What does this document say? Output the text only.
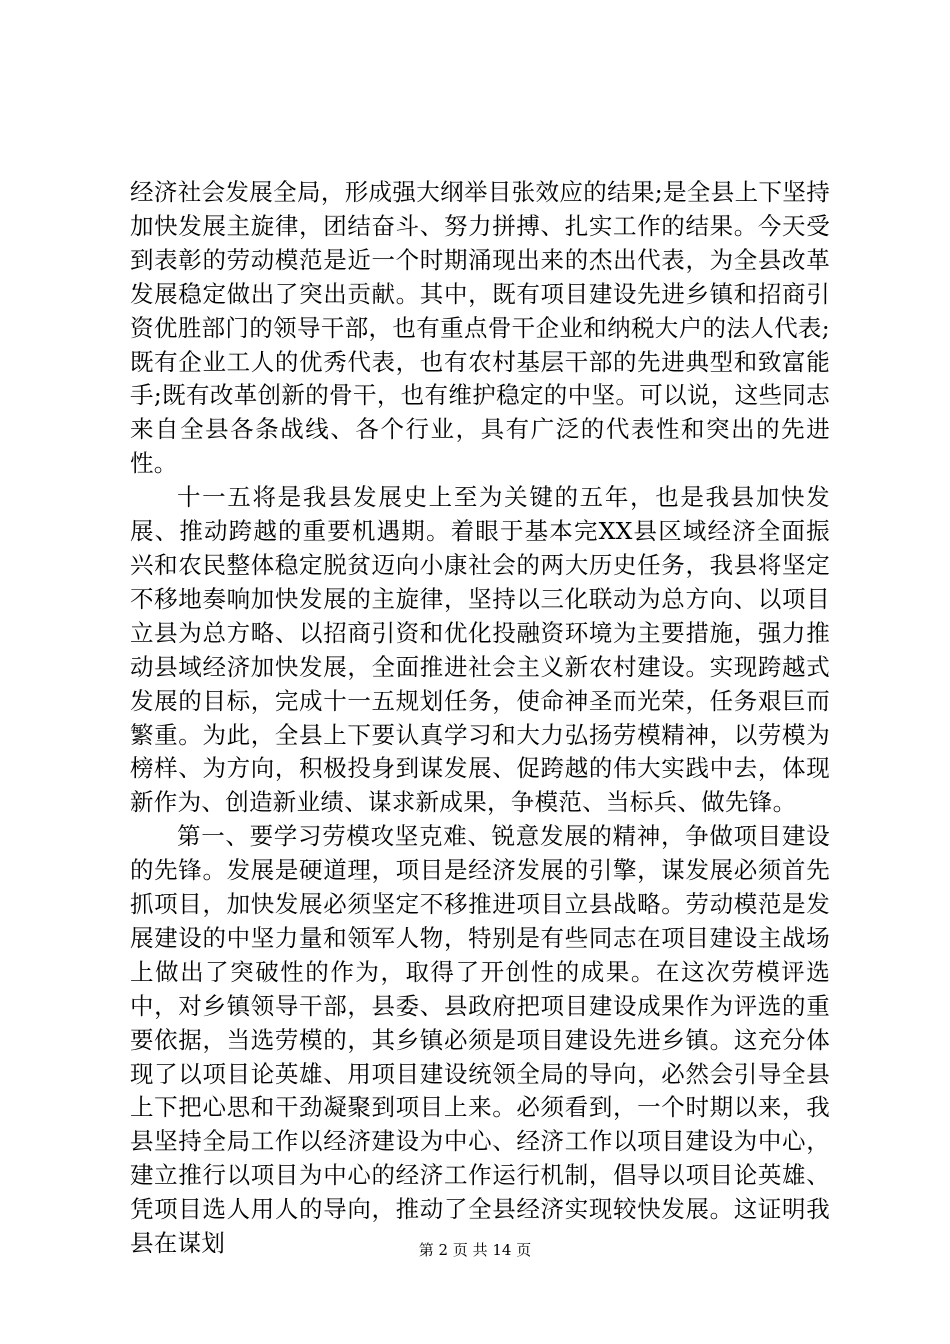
经济社会发展全局，形成强大纲举目张效应的结果;是全县上下坚持加快发展主旋律，团结奋斗、努力拼搏、扎实工作的结果。今天受到表彰的劳动模范是近一个时期涌现出来的杰出代表，为全县改革发展稳定做出了突出贡献。其中，既有项目建设先进乡镇和招商引资优胜部门的领导干部，也有重点骨干企业和纳税大户的法人代表;既有企业工人的优秀代表，也有农村基层干部的先进典型和致富能手;既有改革创新的骨干，也有维护稳定的中坚。可以说，这些同志来自全县各条战线、各个行业，具有广泛的代表性和突出的先进性。

十一五将是我县发展史上至为关键的五年，也是我县加快发展、推动跨越的重要机遇期。着眼于基本完XX县区域经济全面振兴和农民整体稳定脱贫迈向小康社会的两大历史任务，我县将坚定不移地奏响加快发展的主旋律，坚持以三化联动为总方向、以项目立县为总方略、以招商引资和优化投融资环境为主要措施，强力推动县域经济加快发展，全面推进社会主义新农村建设。实现跨越式发展的目标，完成十一五规划任务，使命神圣而光荣，任务艰巨而繁重。为此，全县上下要认真学习和大力弘扬劳模精神，以劳模为榜样、为方向，积极投身到谋发展、促跨越的伟大实践中去，体现新作为、创造新业绩、谋求新成果，争模范、当标兵、做先锋。

第一、要学习劳模攻坚克难、锐意发展的精神，争做项目建设的先锋。发展是硬道理，项目是经济发展的引擎，谋发展必须首先抓项目，加快发展必须坚定不移推进项目立县战略。劳动模范是发展建设的中坚力量和领军人物，特别是有些同志在项目建设主战场上做出了突破性的作为，取得了开创性的成果。在这次劳模评选中，对乡镇领导干部，县委、县政府把项目建设成果作为评选的重要依据，当选劳模的，其乡镇必须是项目建设先进乡镇。这充分体现了以项目论英雄、用项目建设统领全局的导向，必然会引导全县上下把心思和干劲凝聚到项目上来。必须看到，一个时期以来，我县坚持全局工作以经济建设为中心、经济工作以项目建设为中心，建立推行以项目为中心的经济工作运行机制，倡导以项目论英雄、凭项目选人用人的导向，推动了全县经济实现较快发展。这证明我县在谋划	第 2 页 共 14 页
